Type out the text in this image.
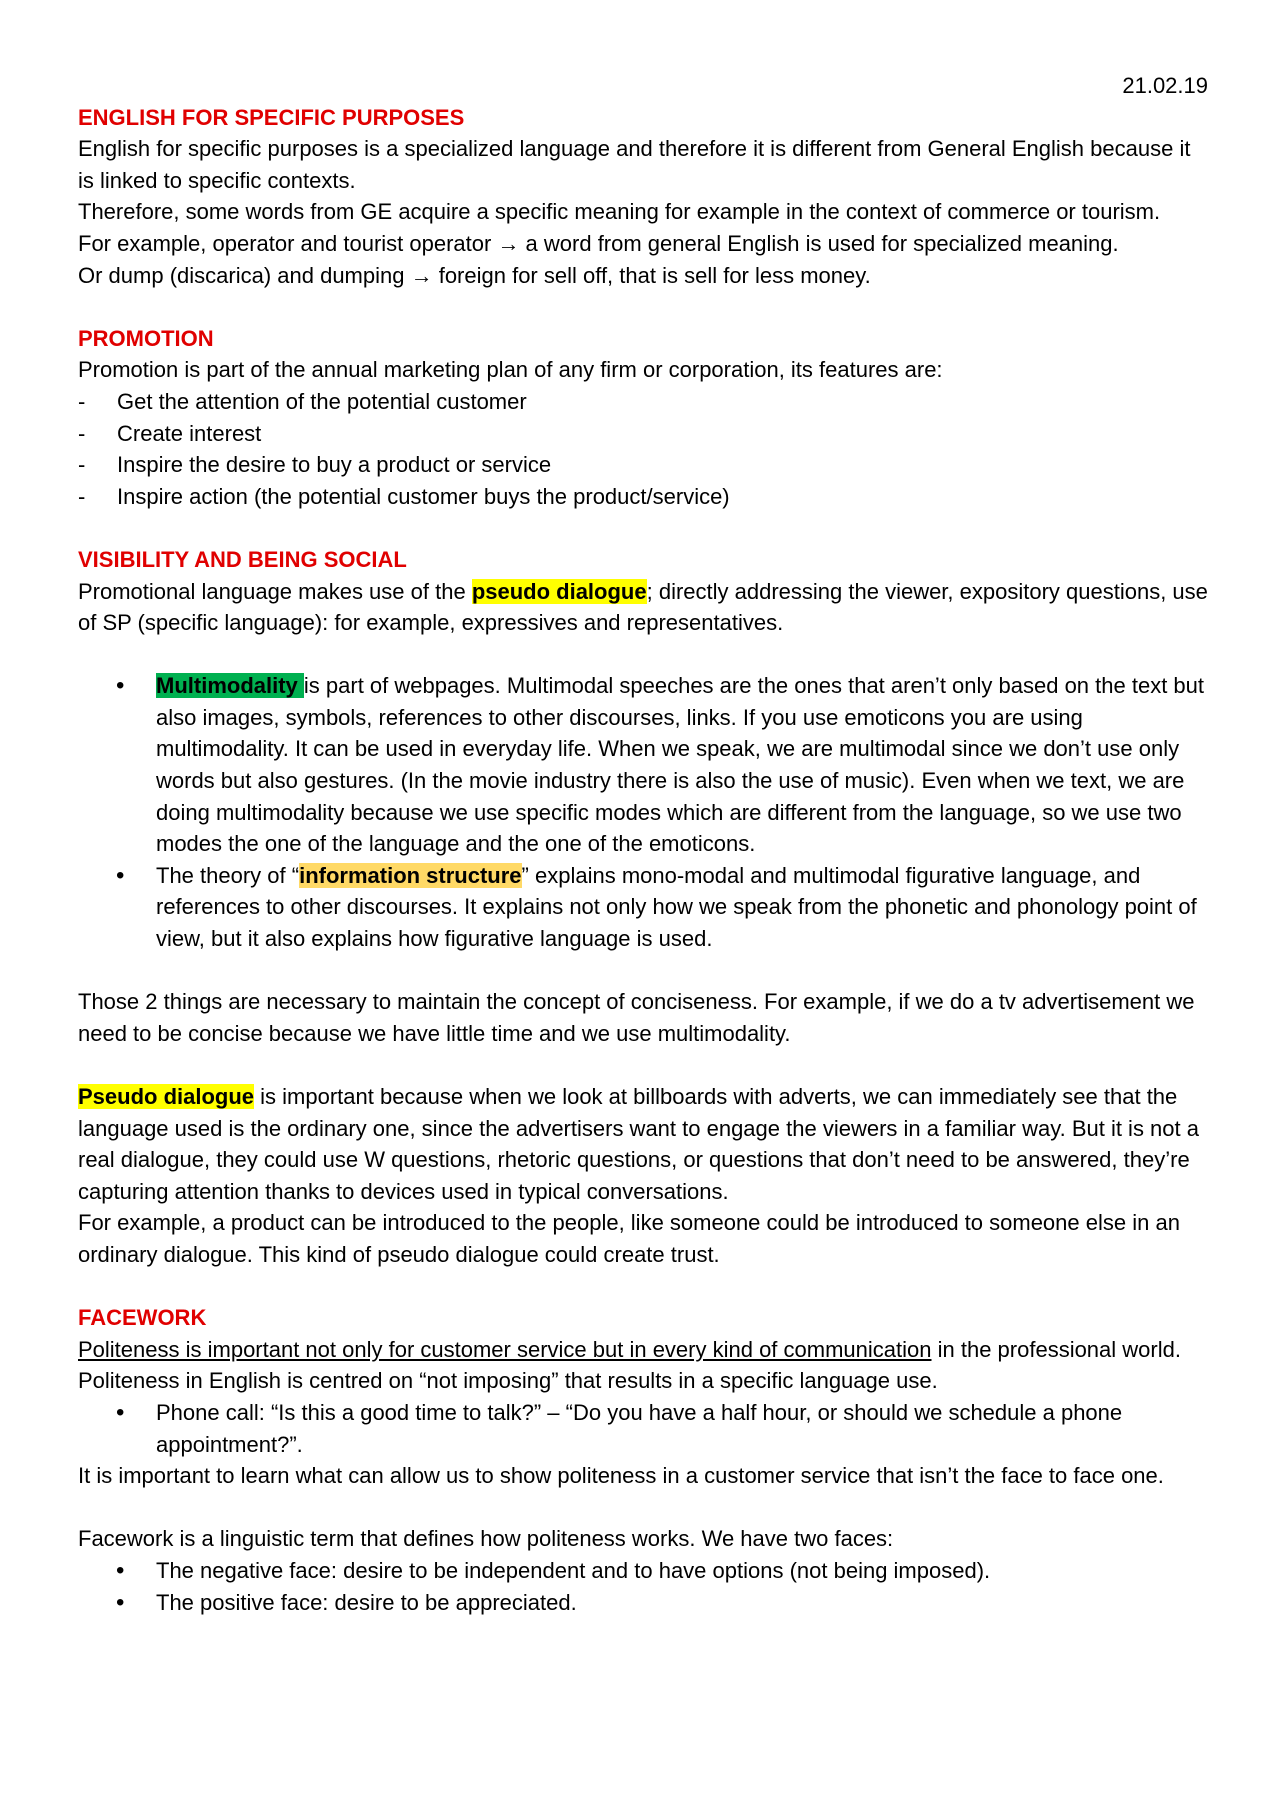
21.02.19
ENGLISH FOR SPECIFIC PURPOSES

English for specific purposes is a specialized language and therefore it is different from General English because it is linked to specific contexts.

Therefore, some words from GE acquire a specific meaning for example in the context of commerce or tourism.

For example, operator and tourist operator → a word from general English is used for specialized meaning.

Or dump (discarica) and dumping → foreign for sell off, that is sell for less money.

PROMOTION

Promotion is part of the annual marketing plan of any firm or corporation, its features are:

- Get the attention of the potential customer
- Create interest
- Inspire the desire to buy a product or service
- Inspire action (the potential customer buys the product/service)
VISIBILITY AND BEING SOCIAL

Promotional language makes use of the pseudo dialogue; directly addressing the viewer, expository questions, use of SP (specific language): for example, expressives and representatives.

• Multimodality is part of webpages. Multimodal speeches are the ones that aren’t only based on the text but also images, symbols, references to other discourses, links. If you use emoticons you are using multimodality. It can be used in everyday life. When we speak, we are multimodal since we don’t use only words but also gestures. (In the movie industry there is also the use of music). Even when we text, we are doing multimodality because we use specific modes which are different from the language, so we use two modes the one of the language and the one of the emoticons.
• The theory of “information structure” explains mono-modal and multimodal figurative language, and references to other discourses. It explains not only how we speak from the phonetic and phonology point of view, but it also explains how figurative language is used.

Those 2 things are necessary to maintain the concept of conciseness. For example, if we do a tv advertisement we need to be concise because we have little time and we use multimodality.

Pseudo dialogue is important because when we look at billboards with adverts, we can immediately see that the language used is the ordinary one, since the advertisers want to engage the viewers in a familiar way. But it is not a real dialogue, they could use W questions, rhetoric questions, or questions that don’t need to be answered, they’re capturing attention thanks to devices used in typical conversations.

For example, a product can be introduced to the people, like someone could be introduced to someone else in an ordinary dialogue. This kind of pseudo dialogue could create trust.

FACEWORK

Politeness is important not only for customer service but in every kind of communication in the professional world. Politeness in English is centred on “not imposing” that results in a specific language use.

• Phone call: “Is this a good time to talk?” – “Do you have a half hour, or should we schedule a phone appointment?”.

It is important to learn what can allow us to show politeness in a customer service that isn’t the face to face one.

Facework is a linguistic term that defines how politeness works. We have two faces:

• The negative face: desire to be independent and to have options (not being imposed).
• The positive face: desire to be appreciated.
